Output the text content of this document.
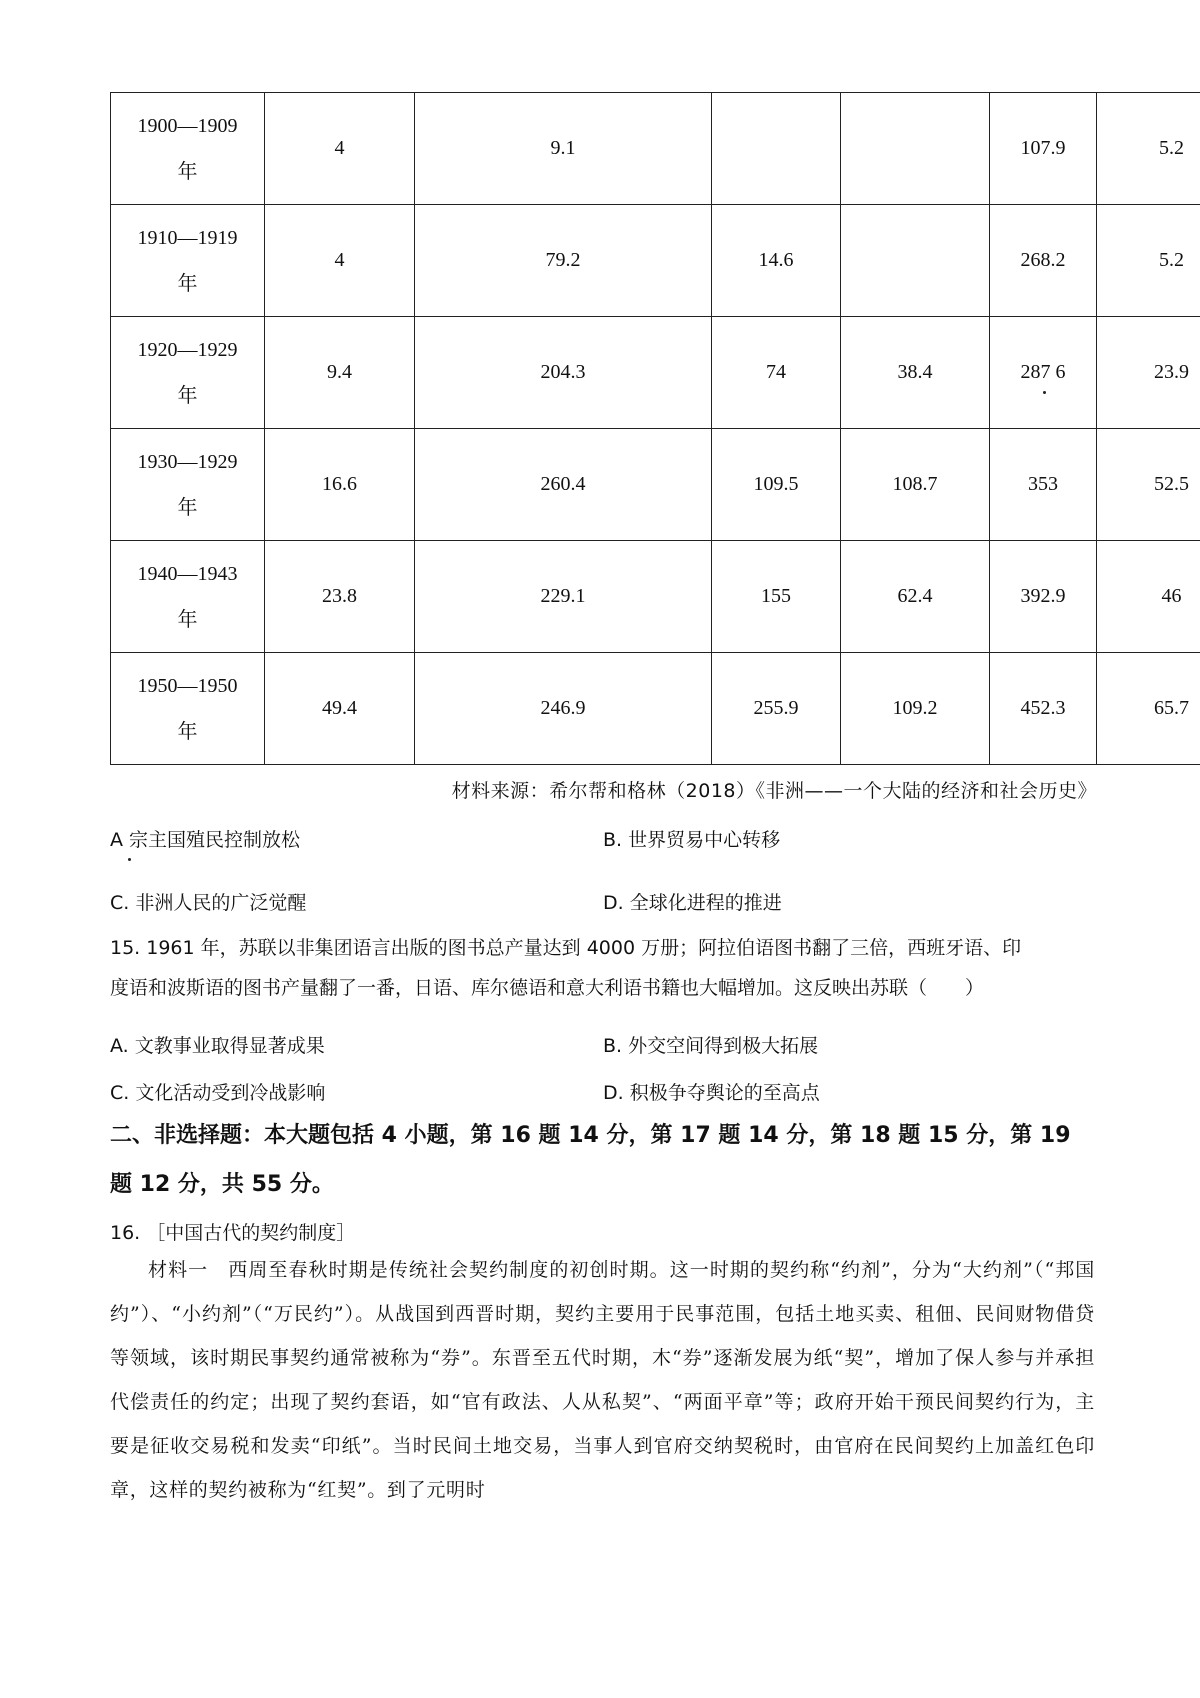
1900—1909
年	4	9.1			107.9	5.2

1910—1919
年	4	79.2	14.6		268.2	5.2

1920—1929
年	9.4	204.3	74	38.4	287 6	23.9

1930—1929
年	16.6	260.4	109.5	108.7	353	52.5

1940—1943
年	23.8	229.1	155	62.4	392.9	46

1950—1950
年	49.4	246.9	255.9	109.2	452.3	65.7
材料来源：希尔帮和格林（2018）《非洲——一个大陆的经济和社会历史》
A 宗主国殖民控制放松	B. 世界贸易中心转移
C. 非洲人民的广泛觉醒	D. 全球化进程的推进
15. 1961 年，苏联以非集团语言出版的图书总产量达到 4000 万册；阿拉伯语图书翻了三倍，西班牙语、印
度语和波斯语的图书产量翻了一番，日语、库尔德语和意大利语书籍也大幅增加。这反映出苏联（　　）
A. 文教事业取得显著成果	B. 外交空间得到极大拓展
C. 文化活动受到冷战影响	D. 积极争夺舆论的至高点
二、非选择题：本大题包括 4 小题，第 16 题 14 分，第 17 题 14 分，第 18 题 15 分，第 19
题 12 分，共 55 分。
16. ［中国古代的契约制度］
材料一　西周至春秋时期是传统社会契约制度的初创时期。这一时期的契约称“约剂”，分为“大约剂”（“邦国约”）、“小约剂”（“万民约”）。从战国到西晋时期，契约主要用于民事范围，包括土地买卖、租佃、民间财物借贷等领域，该时期民事契约通常被称为“券”。东晋至五代时期，木“券”逐渐发展为纸“契”，增加了保人参与并承担代偿责任的约定；出现了契约套语，如“官有政法、人从私契”、“两面平章”等；政府开始干预民间契约行为，主要是征收交易税和发卖“印纸”。当时民间土地交易，当事人到官府交纳契税时，由官府在民间契约上加盖红色印章，这样的契约被称为“红契”。到了元明时
